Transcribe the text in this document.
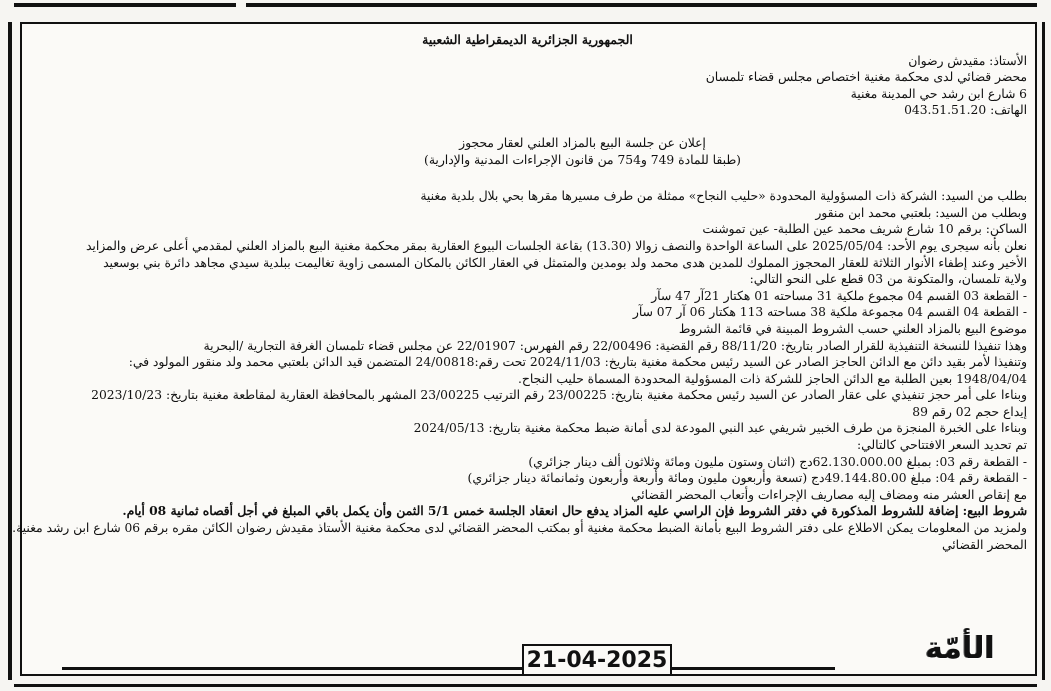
الجمهورية الجزائرية الديمقراطية الشعبية

الأستاذ: مقيدش رضوان

محضر قضائي لدى محكمة مغنية اختصاص مجلس قضاء تلمسان

6 شارع ابن رشد حي المدينة مغنية

الهاتف: 043.51.51.20

إعلان عن جلسة البيع بالمزاد العلني لعقار محجوز

(طبقا للمادة 749 و754 من قانون الإجراءات المدنية والإدارية)

بطلب من السيد: الشركة ذات المسؤولية المحدودة «حليب النجاح» ممثلة من طرف مسيرها مقرها بحي بلال بلدية مغنية

وبطلب من السيد: بلعتبي محمد ابن منقور

الساكن: برقم 10 شارع شريف محمد عين الطلبة- عين تموشنت

نعلن بأنه سيجرى يوم الأحد: 2025/05/04 على الساعة الواحدة والنصف زوالا (13.30) بقاعة الجلسات البيوع العقارية بمقر محكمة مغنية البيع بالمزاد العلني لمقدمي أعلى عرض والمزايد

الأخير وعند إطفاء الأنوار الثلاثة للعقار المحجوز المملوك للمدين هدى محمد ولد بومدين والمتمثل في العقار الكائن بالمكان المسمى زاوية تغاليمت ببلدية سيدي مجاهد دائرة بني بوسعيد

ولاية تلمسان، والمتكونة من 03 قطع على النحو التالي:

- القطعة 03 القسم 04 مجموع ملكية 31 مساحته 01 هكتار 21آر 47 سآر

- القطعة 04 القسم 04 مجموعة ملكية 38 مساحته 113 هكتار 06 آر 07 سآر

موضوع البيع بالمزاد العلني حسب الشروط المبينة في قائمة الشروط

وهذا تنفيذا للنسخة التنفيذية للقرار الصادر بتاريخ: 88/11/20 رقم القضية: 22/00496 رقم الفهرس: 22/01907 عن مجلس قضاء تلمسان الغرفة التجارية /البحرية

وتنفيذا لأمر بقيد دائن مع الدائن الحاجز الصادر عن السيد رئيس محكمة مغنية بتاريخ: 2024/11/03 تحت رقم:24/00818 المتضمن قيد الدائن بلعتبي محمد ولد منقور المولود في:

1948/04/04 بعين الطلبة مع الدائن الحاجز للشركة ذات المسؤولية المحدودة المسماة حليب النجاح.

وبناءا على أمر حجز تنفيذي على عقار الصادر عن السيد رئيس محكمة مغنية بتاريخ: 23/00225 رقم الترتيب 23/00225 المشهر بالمحافظة العقارية لمقاطعة مغنية بتاريخ: 2023/10/23

إيداع حجم 02 رقم 89

وبناءا على الخبرة المنجزة من طرف الخبير شريفي عبد النبي المودعة لدى أمانة ضبط محكمة مغنية بتاريخ: 2024/05/13

تم تحديد السعر الافتتاحي كالتالي:

- القطعة رقم 03: بمبلغ 62.130.000.00دج (اثنان وستون مليون ومائة وثلاثون ألف دينار جزائري)

- القطعة رقم 04: مبلغ 49.144.80.00دج (تسعة وأربعون مليون ومائة وأربعة وأربعون وثمانمائة دينار جزائري)

مع إنقاص العشر منه ومضاف إليه مصاريف الإجراءات وأتعاب المحضر القضائي

شروط البيع: إضافة للشروط المذكورة في دفتر الشروط فإن الراسي عليه المزاد يدفع حال انعقاد الجلسة خمس 5/1 الثمن وأن يكمل باقي المبلغ في أجل أقصاه ثمانية 08 أيام.

ولمزيد من المعلومات يمكن الاطلاع على دفتر الشروط البيع بأمانة الضبط محكمة مغنية أو بمكتب المحضر القضائي لدى محكمة مغنية الأستاذ مقيدش رضوان الكائن مقره برقم 06 شارع ابن رشد مغنية.

المحضر القضائي

21-04-2025	الأمّة
